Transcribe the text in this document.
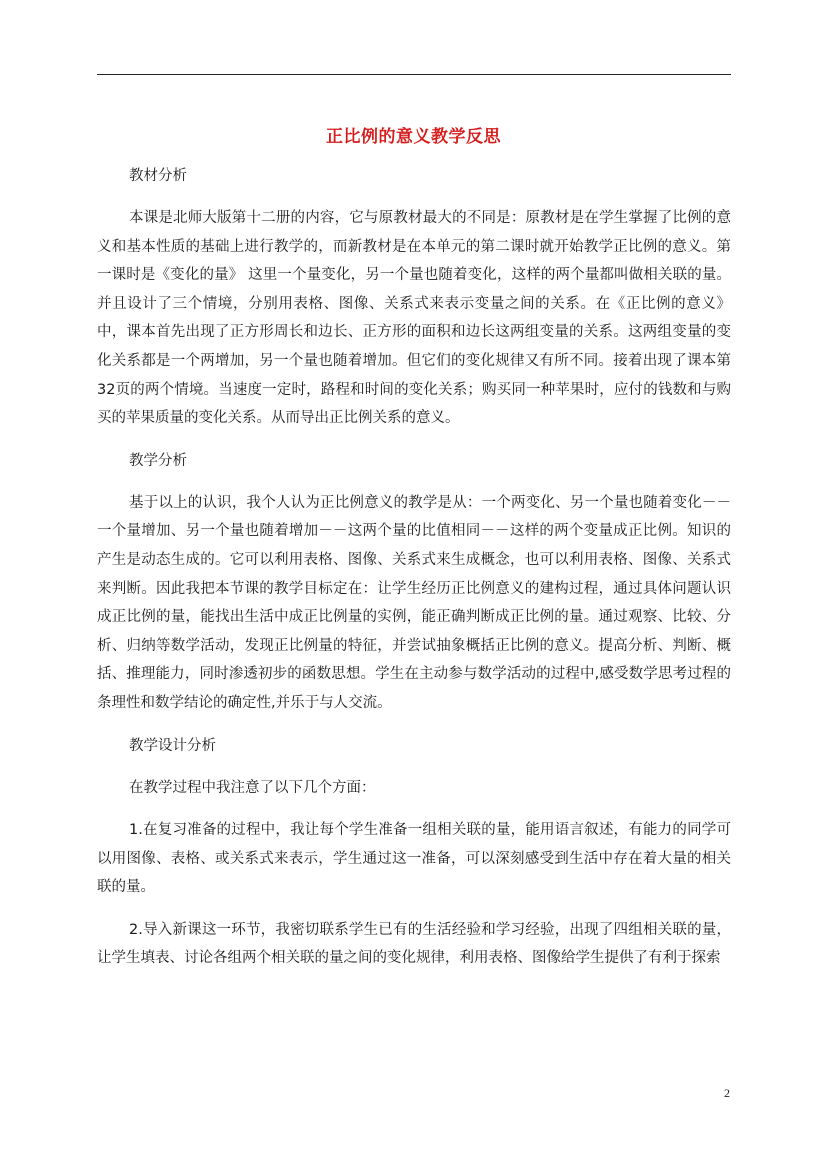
正比例的意义教学反思

教材分析

本课是北师大版第十二册的内容，它与原教材最大的不同是：原教材是在学生掌握了比例的意义和基本性质的基础上进行教学的，而新教材是在本单元的第二课时就开始教学正比例的意义。第一课时是《变化的量》 这里一个量变化，另一个量也随着变化，这样的两个量都叫做相关联的量。并且设计了三个情境，分别用表格、图像、关系式来表示变量之间的关系。在《正比例的意义》中，课本首先出现了正方形周长和边长、正方形的面积和边长这两组变量的关系。这两组变量的变化关系都是一个两增加，另一个量也随着增加。但它们的变化规律又有所不同。接着出现了课本第 32页的两个情境。当速度一定时，路程和时间的变化关系；购买同一种苹果时，应付的钱数和与购买的苹果质量的变化关系。从而导出正比例关系的意义。

教学分析

基于以上的认识，我个人认为正比例意义的教学是从：一个两变化、另一个量也随着变化－－一个量增加、另一个量也随着增加－－这两个量的比值相同－－这样的两个变量成正比例。知识的产生是动态生成的。它可以利用表格、图像、关系式来生成概念，也可以利用表格、图像、关系式来判断。因此我把本节课的教学目标定在：让学生经历正比例意义的建构过程，通过具体问题认识成正比例的量，能找出生活中成正比例量的实例，能正确判断成正比例的量。通过观察、比较、分析、归纳等数学活动，发现正比例量的特征，并尝试抽象概括正比例的意义。提高分析、判断、概括、推理能力，同时渗透初步的函数思想。学生在主动参与数学活动的过程中,感受数学思考过程的条理性和数学结论的确定性,并乐于与人交流。

教学设计分析

在教学过程中我注意了以下几个方面：

1.在复习准备的过程中，我让每个学生准备一组相关联的量，能用语言叙述，有能力的同学可以用图像、表格、或关系式来表示，学生通过这一准备，可以深刻感受到生活中存在着大量的相关联的量。

2.导入新课这一环节，我密切联系学生已有的生活经验和学习经验，出现了四组相关联的量，让学生填表、讨论各组两个相关联的量之间的变化规律，利用表格、图像给学生提供了有利于探索

2
